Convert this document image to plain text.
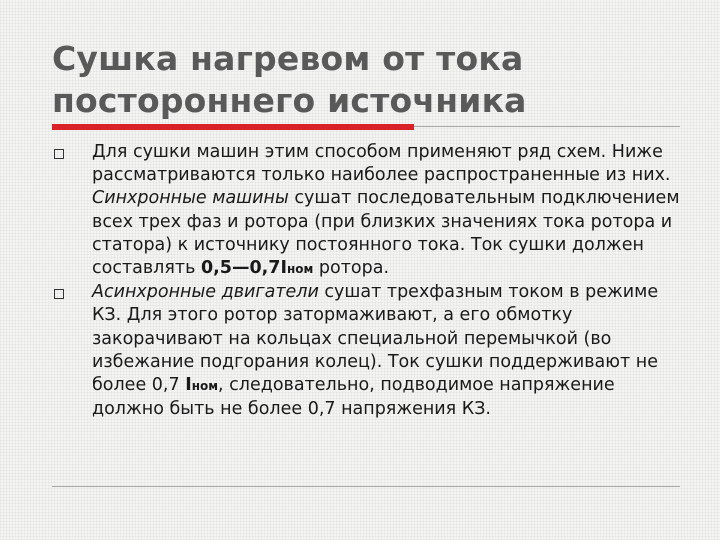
Сушка нагревом от тока
постороннего источника
Для сушки машин этим способом применяют ряд схем. Ниже рассматриваются только наиболее распространенные из них. Синхронные машины сушат последовательным подключением всех трех фаз и ротора (при близких значениях тока ротора и статора) к источнику постоянного тока. Ток сушки должен составлять 0,5—0,7Iном ротора.
Асинхронные двигатели сушат трехфазным током в режиме КЗ. Для этого ротор затормаживают, а его обмотку закорачивают на кольцах специальной перемычкой (во избежание подгорания колец). Ток сушки поддерживают не более 0,7 Iном, следовательно, подводимое напряжение должно быть не более 0,7 напряжения КЗ.
